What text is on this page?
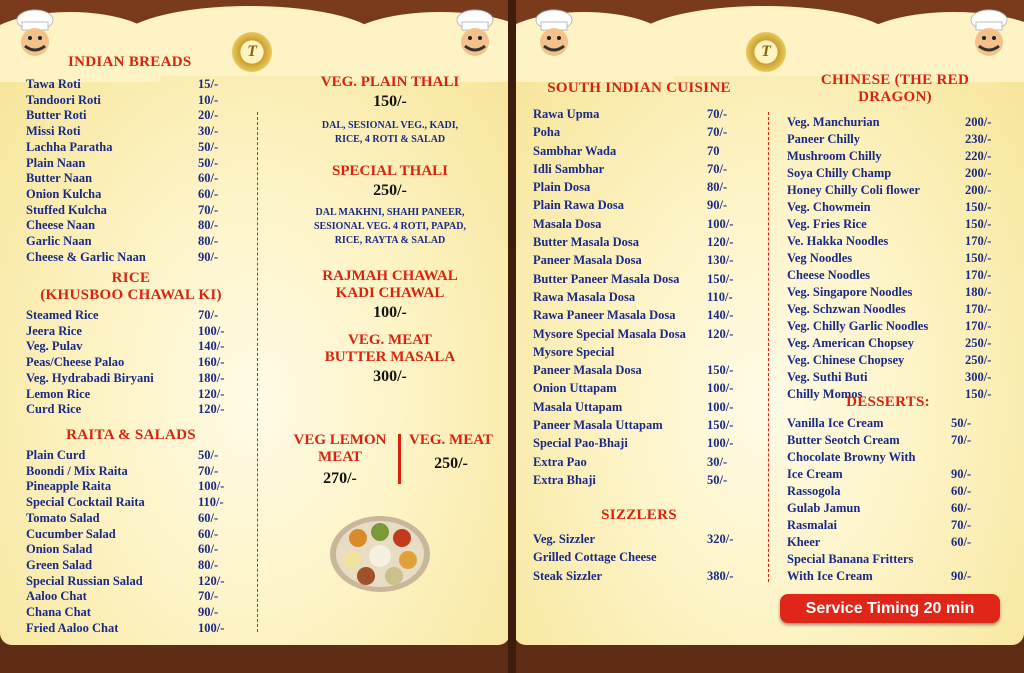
T	T
INDIAN BREADS
Tawa Roti	15/-
Tandoori Roti	10/-
Butter Roti	20/-
Missi Roti	30/-
Lachha Paratha	50/-
Plain Naan	50/-
Butter Naan	60/-
Onion Kulcha	60/-
Stuffed Kulcha	70/-
Cheese Naan	80/-
Garlic Naan	80/-
Cheese & Garlic Naan	90/-
RICE
(KHUSBOO CHAWAL KI)
Steamed Rice	70/-
Jeera Rice	100/-
Veg. Pulav	140/-
Peas/Cheese Palao	160/-
Veg. Hydrabadi Biryani	180/-
Lemon Rice	120/-
Curd Rice	120/-
RAITA & SALADS
Plain Curd	50/-
Boondi / Mix Raita	70/-
Pineapple Raita	100/-
Special Cocktail Raita	110/-
Tomato Salad	60/-
Cucumber Salad	60/-
Onion Salad	60/-
Green Salad	80/-
Special Russian Salad	120/-
Aaloo Chat	70/-
Chana Chat	90/-
Fried Aaloo Chat	100/-
VEG. PLAIN THALI
150/-
DAL, SESIONAL VEG., KADI,
RICE, 4 ROTI & SALAD
SPECIAL THALI
250/-
DAL MAKHNI, SHAHI PANEER,
SESIONAL VEG. 4 ROTI, PAPAD,
RICE, RAYTA & SALAD
RAJMAH CHAWAL
KADI CHAWAL
100/-
VEG. MEAT
BUTTER MASALA
300/-
VEG LEMON
MEAT
270/-
VEG. MEAT
250/-
SOUTH INDIAN CUISINE
Rawa Upma	70/-
Poha	70/-
Sambhar Wada	70
Idli Sambhar	70/-
Plain Dosa	80/-
Plain Rawa Dosa	90/-
Masala Dosa	100/-
Butter Masala Dosa	120/-
Paneer Masala Dosa	130/-
Butter Paneer Masala Dosa 150/-
Rawa Masala Dosa	110/-
Rawa Paneer Masala Dosa	140/-
Mysore Special Masala Dosa 120/-
Mysore Special
Paneer Masala Dosa	150/-
Onion Uttapam	100/-
Masala Uttapam	100/-
Paneer Masala Uttapam	150/-
Special Pao-Bhaji	100/-
Extra Pao	30/-
Extra Bhaji	50/-
SIZZLERS
Veg. Sizzler	320/-
Grilled Cottage Cheese
Steak Sizzler	380/-
CHINESE (THE RED DRAGON)
Veg. Manchurian	200/-
Paneer Chilly	230/-
Mushroom Chilly	220/-
Soya Chilly Champ	200/-
Honey Chilly Coli flower	200/-
Veg. Chowmein	150/-
Veg. Fries Rice	150/-
Ve. Hakka Noodles	170/-
Veg Noodles	150/-
Cheese Noodles	170/-
Veg. Singapore Noodles	180/-
Veg. Schzwan Noodles	170/-
Veg. Chilly Garlic Noodles	170/-
Veg. American Chopsey	250/-
Veg. Chinese Chopsey	250/-
Veg. Suthi Buti	300/-
Chilly Momos	150/-
DESSERTS:
Vanilla Ice Cream	50/-
Butter Seotch Cream	70/-
Chocolate Browny With
Ice Cream	90/-
Rassogola	60/-
Gulab Jamun	60/-
Rasmalai	70/-
Kheer	60/-
Special Banana Fritters
With Ice Cream	90/-
Service Timing 20 min
